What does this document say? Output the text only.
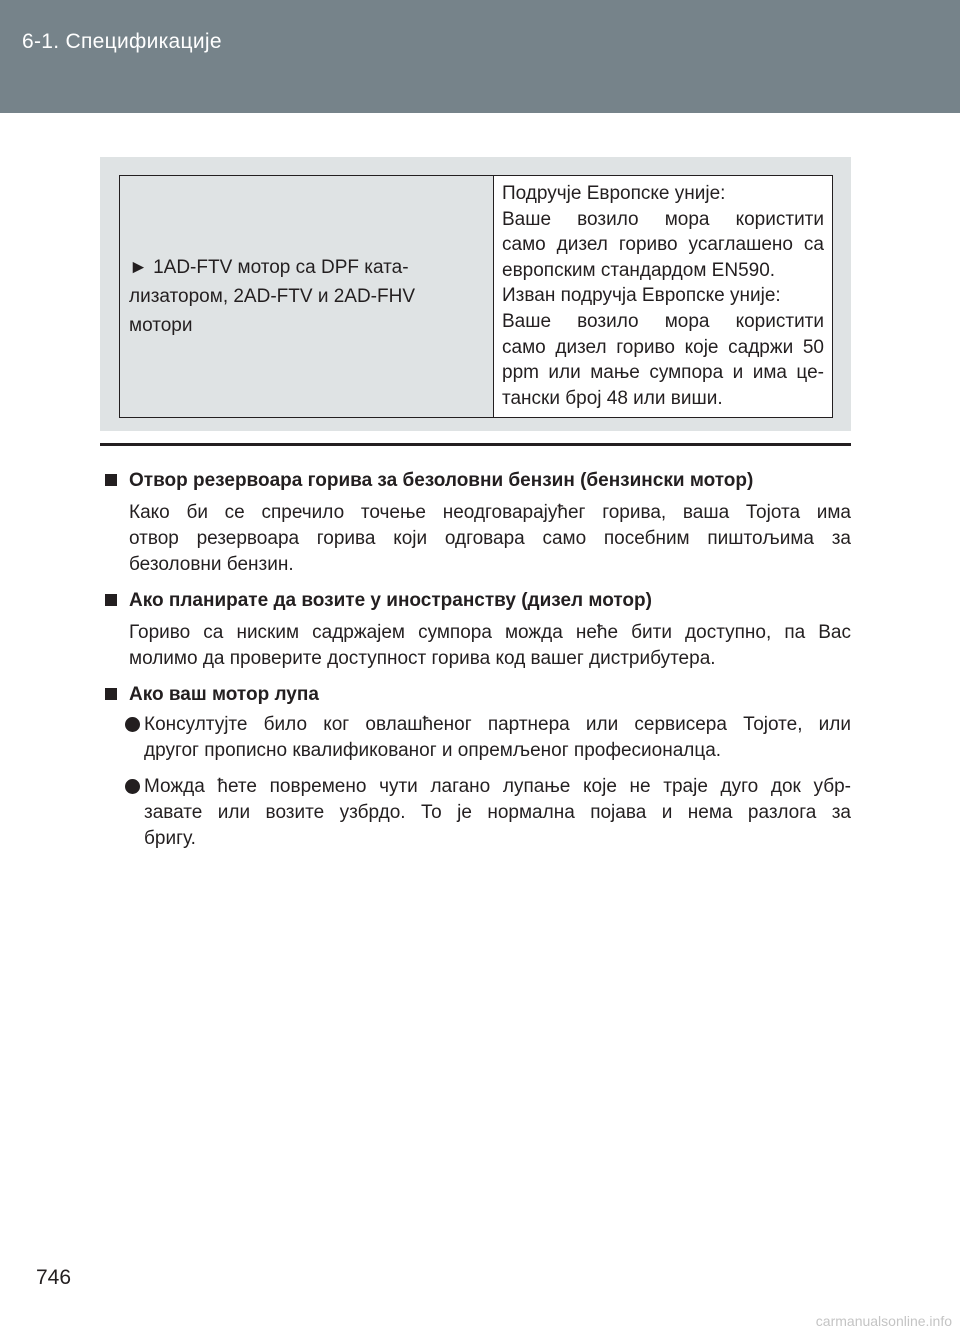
6-1. Спецификације
► 1AD-FTV мотор са DPF ката-
лизатором, 2AD-FTV и 2AD-FHV
мотори

Подручје Европске уније:
Ваше возило мора користити
само дизел гориво усаглашено са
европским стандардом EN590.
Изван подручја Европске уније:
Ваше возило мора користити
само дизел гориво које садржи 50
ppm или мање сумпора и има це-
тански број 48 или виши.
Отвор резервоара горива за безоловни бензин (бензински мотор)
Како би се спречило точење неодговарајућег горива, ваша Тојота има
отвор резервоара горива који одговара само посебним пиштољима за
безоловни бензин.
Ако планирате да возите у иностранству (дизел мотор)
Гориво са ниским садржајем сумпора можда неће бити доступно, па Вас
молимо да проверите доступност горива код вашег дистрибутера.
Ако ваш мотор лупа
Консултујте било ког овлашћеног партнера или сервисера Тојоте, или
другог прописно квалификованог и опремљеног професионалца.
Можда ћете повремено чути лагано лупање које не траје дуго док убр-
завате или возите узбрдо. То је нормална појава и нема разлога за
бригу.
746
carmanualsonline.info
